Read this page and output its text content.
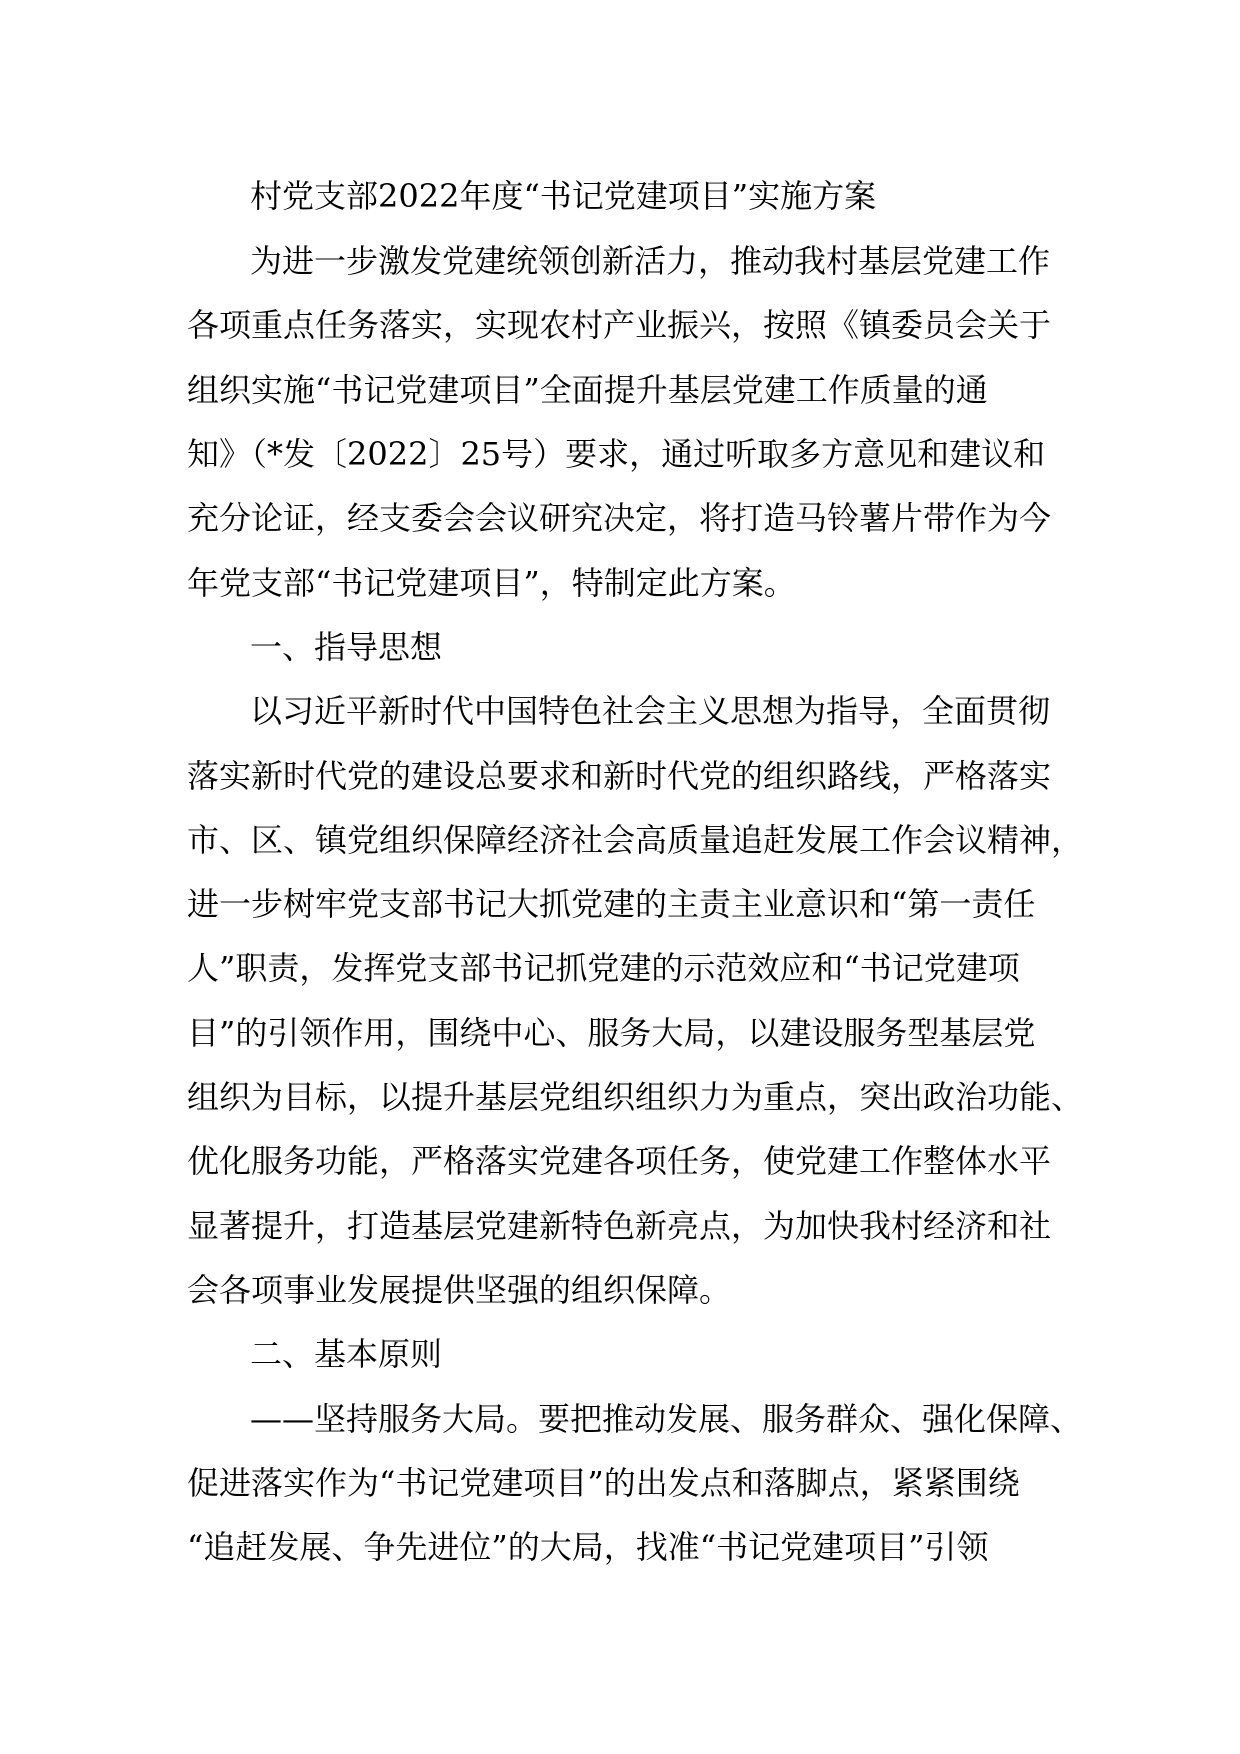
村党支部2022年度“书记党建项目”实施方案

为进一步激发党建统领创新活力，推动我村基层党建工作

各项重点任务落实，实现农村产业振兴，按照《镇委员会关于

组织实施“书记党建项目”全面提升基层党建工作质量的通

知》（*发〔2022〕25号）要求，通过听取多方意见和建议和

充分论证，经支委会会议研究决定，将打造马铃薯片带作为今

年党支部“书记党建项目”，特制定此方案。

一、指导思想

以习近平新时代中国特色社会主义思想为指导，全面贯彻

落实新时代党的建设总要求和新时代党的组织路线，严格落实

市、区、镇党组织保障经济社会高质量追赶发展工作会议精神，

进一步树牢党支部书记大抓党建的主责主业意识和“第一责任

人”职责，发挥党支部书记抓党建的示范效应和“书记党建项

目”的引领作用，围绕中心、服务大局，以建设服务型基层党

组织为目标，以提升基层党组织组织力为重点，突出政治功能、

优化服务功能，严格落实党建各项任务，使党建工作整体水平

显著提升，打造基层党建新特色新亮点，为加快我村经济和社

会各项事业发展提供坚强的组织保障。

二、基本原则

——坚持服务大局。要把推动发展、服务群众、强化保障、

促进落实作为“书记党建项目”的出发点和落脚点，紧紧围绕

“追赶发展、争先进位”的大局，找准“书记党建项目”引领
